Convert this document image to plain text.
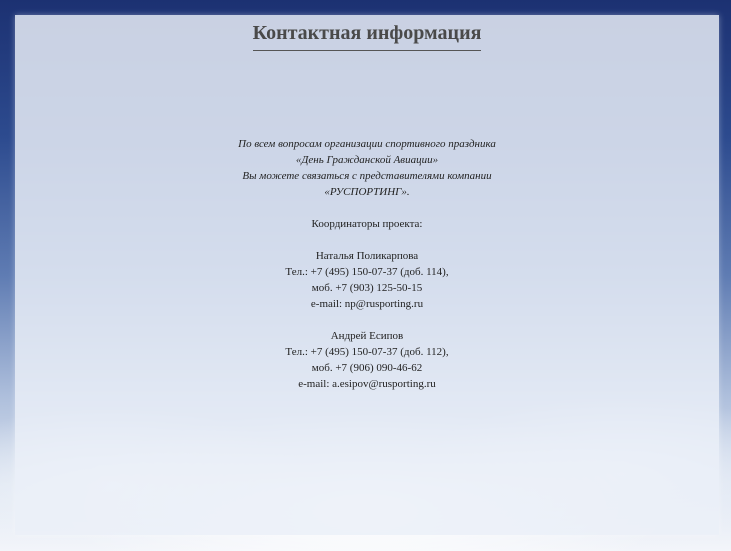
Контактная информация
По всем вопросам организации спортивного праздника
«День Гражданской Авиации»
Вы можете связаться с представителями компании
«РУСПОРТИНГ».
Координаторы проекта:
Наталья Поликарпова
Тел.: +7 (495) 150-07-37 (доб. 114),
моб. +7 (903) 125-50-15
e-mail: np@rusporting.ru
Андрей Есипов
Тел.: +7 (495) 150-07-37 (доб. 112),
моб. +7 (906) 090-46-62
e-mail: a.esipov@rusporting.ru
